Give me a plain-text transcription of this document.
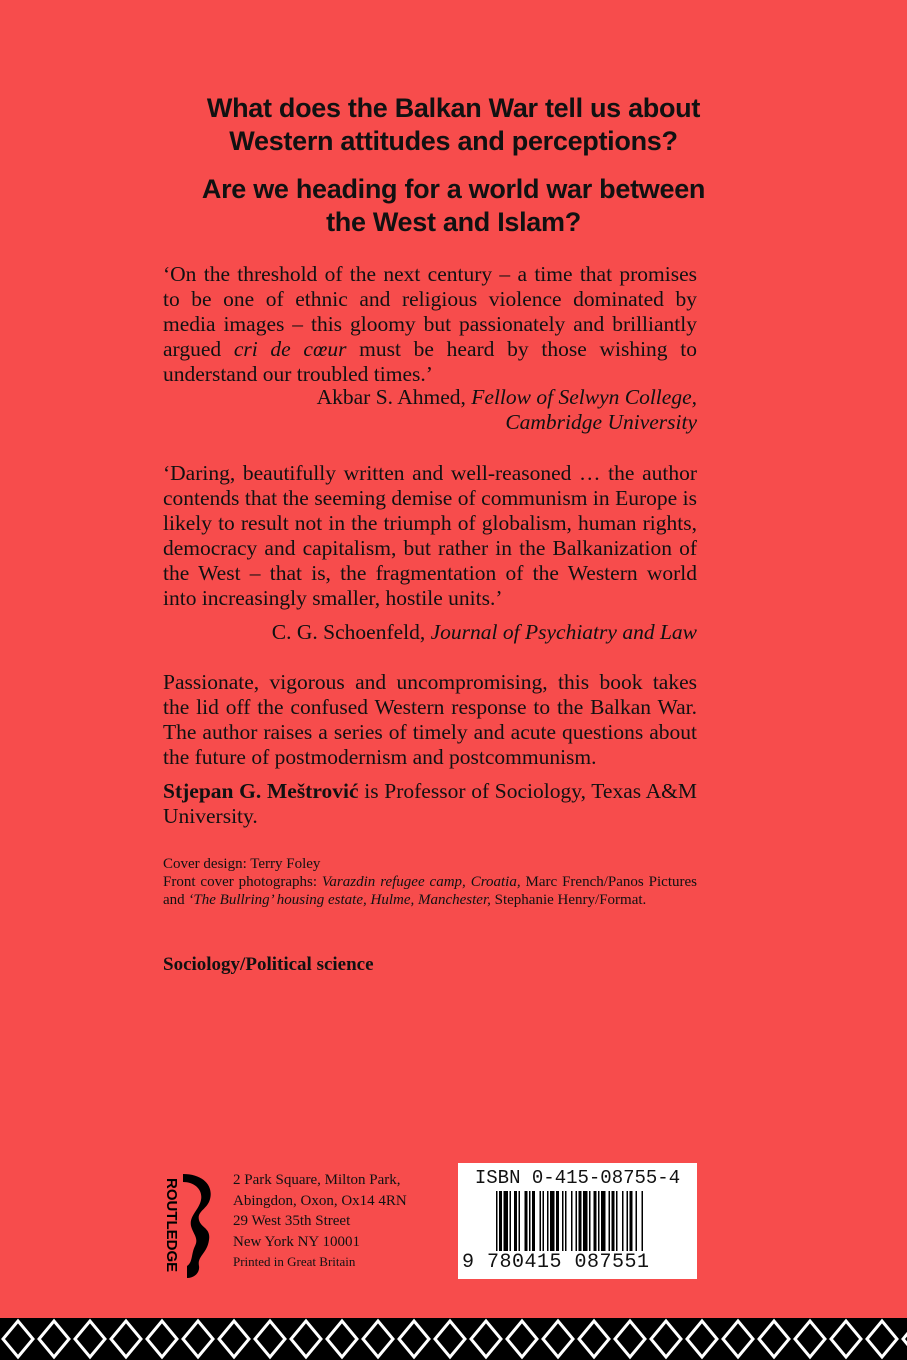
What does the Balkan War tell us about
Western attitudes and perceptions?
Are we heading for a world war between
the West and Islam?
‘On the threshold of the next century – a time that promises to be one of ethnic and religious violence dominated by media images – this gloomy but passionately and brilliantly argued cri de cœur must be heard by those wishing to understand our troubled times.’
Akbar S. Ahmed, Fellow of Selwyn College,
Cambridge University
‘Daring, beautifully written and well-reasoned … the author contends that the seeming demise of communism in Europe is likely to result not in the triumph of globalism, human rights, democracy and capitalism, but rather in the Balkanization of the West – that is, the fragmentation of the Western world into increasingly smaller, hostile units.’
C. G. Schoenfeld, Journal of Psychiatry and Law
Passionate, vigorous and uncompromising, this book takes the lid off the confused Western response to the Balkan War. The author raises a series of timely and acute questions about the future of postmodernism and postcommunism.
Stjepan G. Meštrović is Professor of Sociology, Texas A&M University.
Cover design: Terry Foley
Front cover photographs: Varazdin refugee camp, Croatia, Marc French/Panos Pictures and ‘The Bullring’ housing estate, Hulme, Manchester, Stephanie Henry/Format.
Sociology/Political science
ROUTLEDGE	2 Park Square, Milton Park,
Abingdon, Oxon, Ox14 4RN
29 West 35th Street
New York NY 10001
Printed in Great Britain
ISBN 0-415-08755-4
9 780415 087551
